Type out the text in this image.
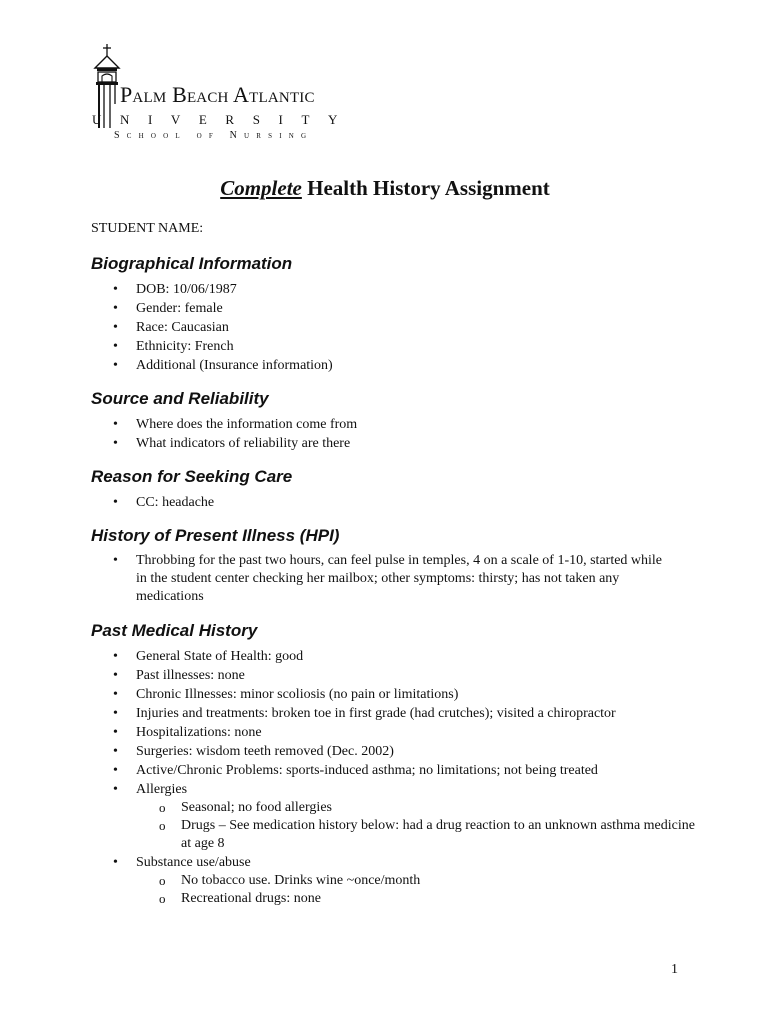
Palm Beach Atlantic
UNIVERSITY
School of Nursing
Complete Health History Assignment
STUDENT NAME:
Biographical Information
• DOB: 10/06/1987
• Gender: female
• Race: Caucasian
• Ethnicity: French
• Additional (Insurance information)
Source and Reliability
• Where does the information come from
• What indicators of reliability are there
Reason for Seeking Care
• CC: headache
History of Present Illness (HPI)
• Throbbing for the past two hours, can feel pulse in temples, 4 on a scale of 1-10, started while in the student center checking her mailbox; other symptoms: thirsty; has not taken any medications
Past Medical History
• General State of Health: good
• Past illnesses: none
• Chronic Illnesses: minor scoliosis (no pain or limitations)
• Injuries and treatments: broken toe in first grade (had crutches); visited a chiropractor
• Hospitalizations: none
• Surgeries: wisdom teeth removed (Dec. 2002)
• Active/Chronic Problems: sports-induced asthma; no limitations; not being treated
• Allergies
o Seasonal; no food allergies
o Drugs – See medication history below: had a drug reaction to an unknown asthma medicine at age 8
• Substance use/abuse
o No tobacco use. Drinks wine ~once/month
o Recreational drugs: none
1
